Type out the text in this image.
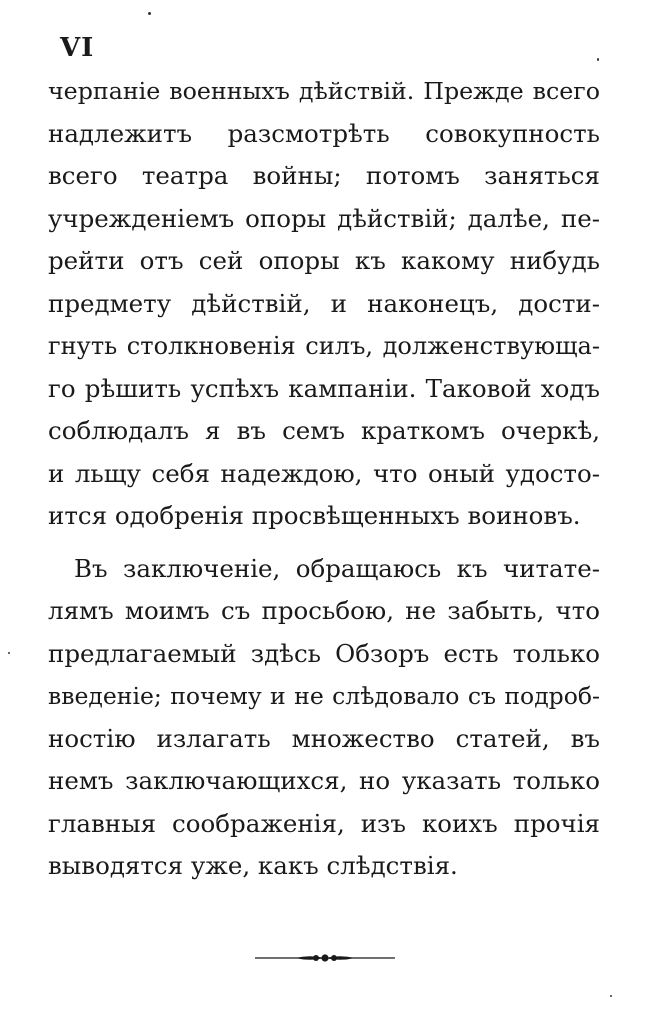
VI
черпаніе военныхъ дѣйствій. Прежде всего
надлежитъ разсмотрѣть совокупность
всего театра войны; потомъ заняться
учрежденіемъ опоры дѣйствій; далѣе, пе-
рейти отъ сей опоры къ какому нибудь
предмету дѣйствій, и наконецъ, дости-
гнуть столкновенія силъ, долженствующа-
го рѣшить успѣхъ кампаніи. Таковой ходъ
соблюдалъ я въ семъ краткомъ очеркѣ,
и льщу себя надеждою, что оный удосто-
ится одобренія просвѣщенныхъ воиновъ.
Въ заключеніе, обращаюсь къ читате-
лямъ моимъ съ просьбою, не забыть, что
предлагаемый здѣсь Обзоръ есть только
введеніе; почему и не слѣдовало съ подроб-
ностію излагать множество статей, въ
немъ заключающихся, но указать только
главныя соображенія, изъ коихъ прочія
выводятся уже, какъ слѣдствія.
